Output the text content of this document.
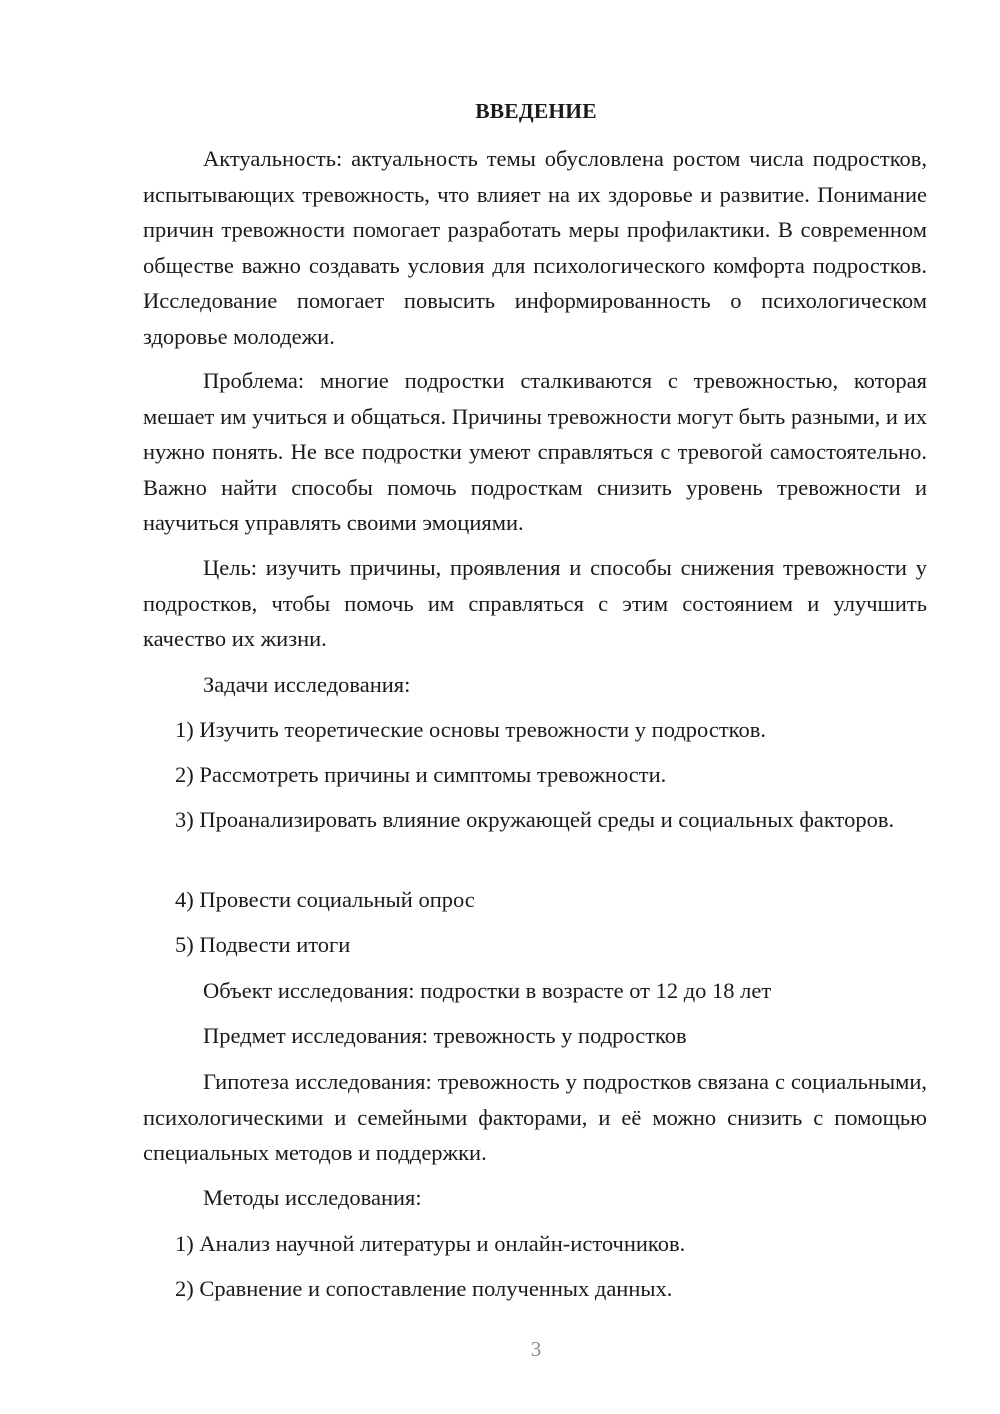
ВВЕДЕНИЕ

Актуальность: актуальность темы обусловлена ростом числа подростков, испытывающих тревожность, что влияет на их здоровье и развитие. Понимание причин тревожности помогает разработать меры профилактики. В современном обществе важно создавать условия для психологического комфорта подростков. Исследование помогает повысить информированность о психологическом здоровье молодежи.

Проблема: многие подростки сталкиваются с тревожностью, которая мешает им учиться и общаться. Причины тревожности могут быть разными, и их нужно понять. Не все подростки умеют справляться с тревогой самостоятельно. Важно найти способы помочь подросткам снизить уровень тревожности и научиться управлять своими эмоциями.

Цель: изучить причины, проявления и способы снижения тревожности у подростков, чтобы помочь им справляться с этим состоянием и улучшить качество их жизни.

Задачи исследования:

1) Изучить теоретические основы тревожности у подростков.

2) Рассмотреть причины и симптомы тревожности.

3) Проанализировать влияние окружающей среды и социальных факторов.

4) Провести социальный опрос

5) Подвести итоги

Объект исследования: подростки в возрасте от 12 до 18 лет

Предмет исследования: тревожность у подростков

Гипотеза исследования: тревожность у подростков связана с социальными, психологическими и семейными факторами, и её можно снизить с помощью специальных методов и поддержки.

Методы исследования:

1) Анализ научной литературы и онлайн-источников.

2) Сравнение и сопоставление полученных данных.

3
